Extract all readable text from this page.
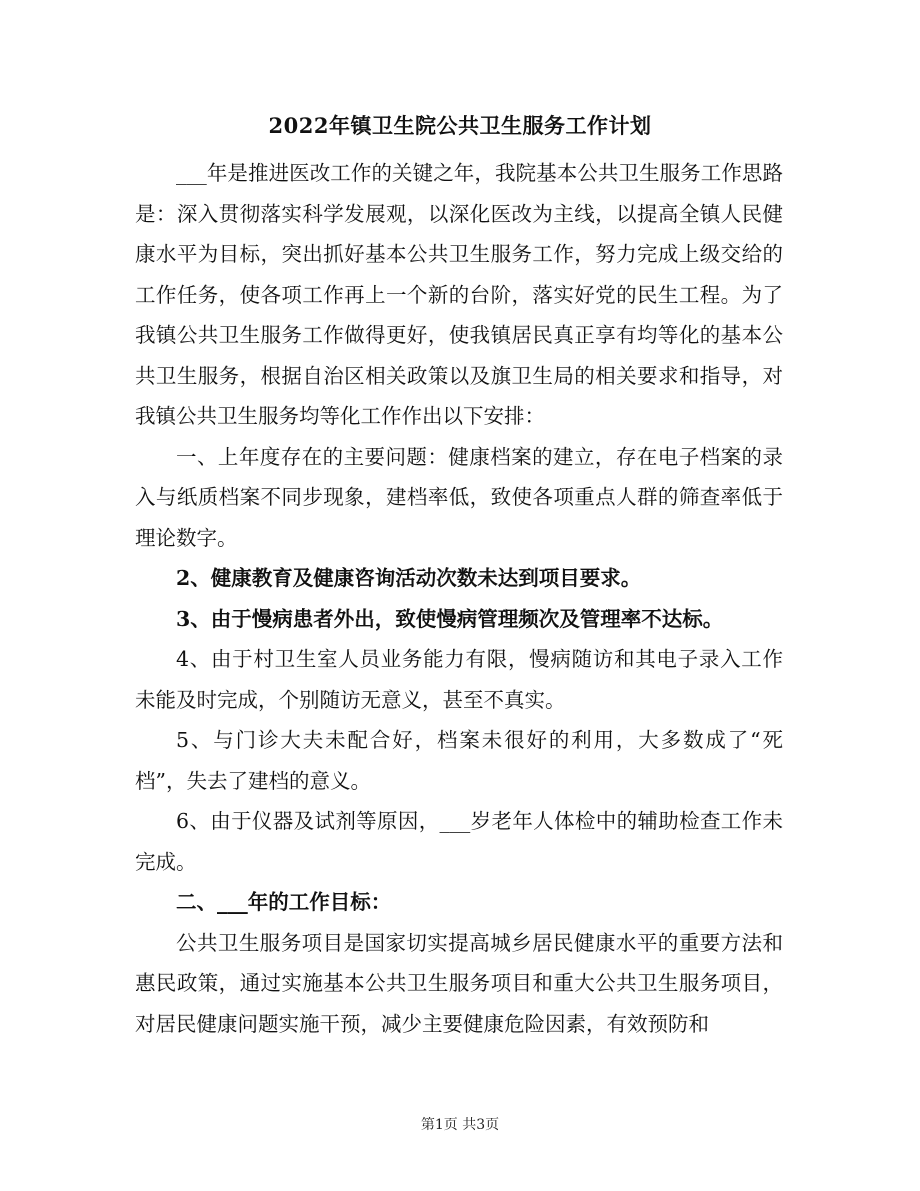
2022年镇卫生院公共卫生服务工作计划

___年是推进医改工作的关键之年，我院基本公共卫生服务工作思路是：深入贯彻落实科学发展观，以深化医改为主线，以提高全镇人民健康水平为目标，突出抓好基本公共卫生服务工作，努力完成上级交给的工作任务，使各项工作再上一个新的台阶，落实好党的民生工程。为了我镇公共卫生服务工作做得更好，使我镇居民真正享有均等化的基本公共卫生服务，根据自治区相关政策以及旗卫生局的相关要求和指导，对我镇公共卫生服务均等化工作作出以下安排：

一、上年度存在的主要问题：健康档案的建立，存在电子档案的录入与纸质档案不同步现象，建档率低，致使各项重点人群的筛查率低于理论数字。

2、健康教育及健康咨询活动次数未达到项目要求。

3、由于慢病患者外出，致使慢病管理频次及管理率不达标。

4、由于村卫生室人员业务能力有限，慢病随访和其电子录入工作未能及时完成，个别随访无意义，甚至不真实。

5、与门诊大夫未配合好，档案未很好的利用，大多数成了“死档”，失去了建档的意义。

6、由于仪器及试剂等原因，___岁老年人体检中的辅助检查工作未完成。

二、___年的工作目标：

公共卫生服务项目是国家切实提高城乡居民健康水平的重要方法和惠民政策，通过实施基本公共卫生服务项目和重大公共卫生服务项目，对居民健康问题实施干预，减少主要健康危险因素，有效预防和

第1页 共3页
